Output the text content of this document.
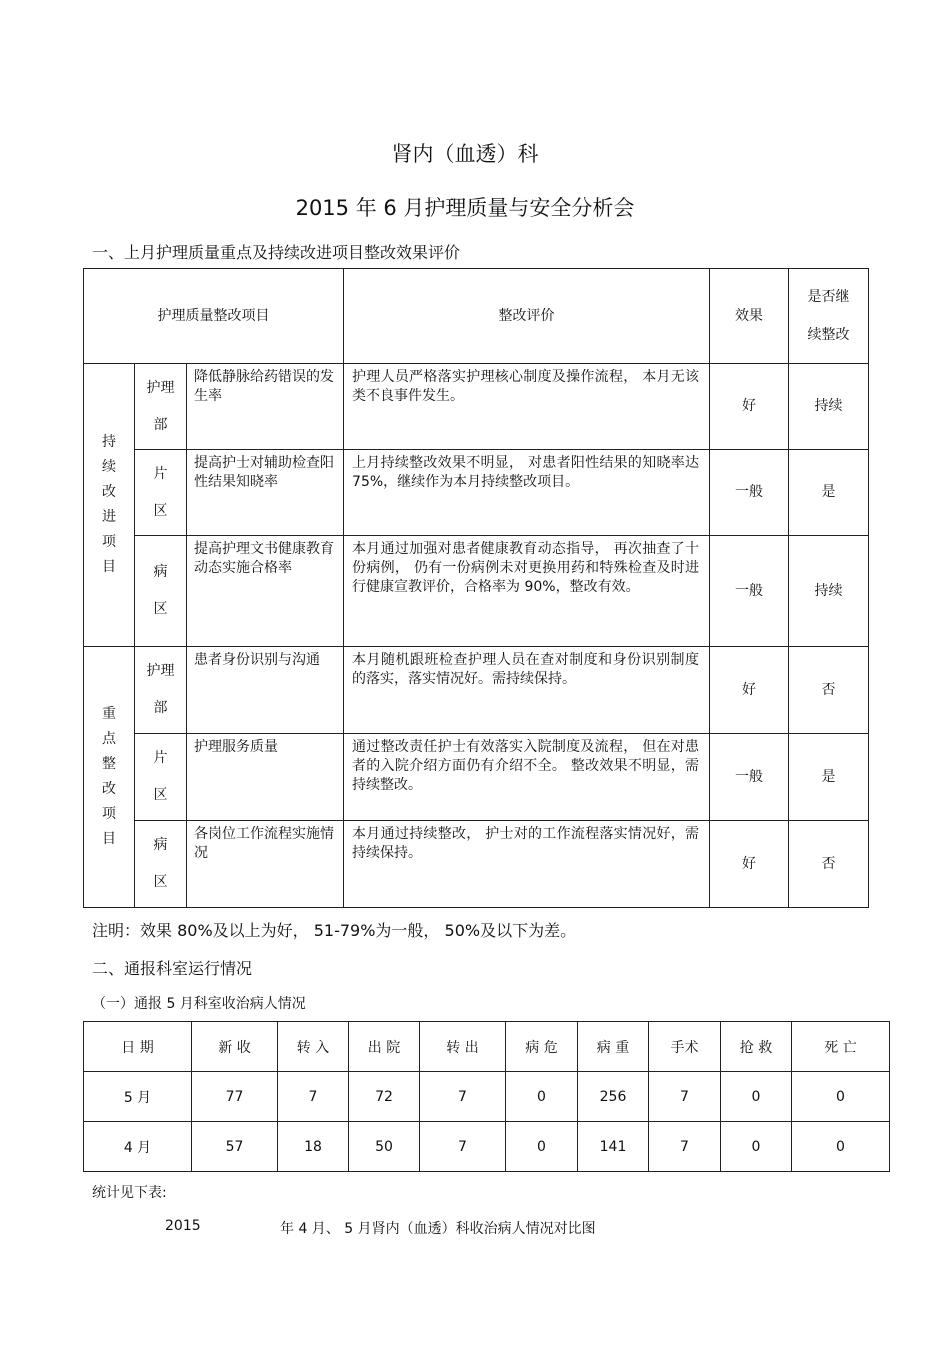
肾内（血透）科
2015 年 6 月护理质量与安全分析会
一、上月护理质量重点及持续改进项目整改效果评价
护理质量整改项目			整改评价	效果	是否继续整改

持续改进项目	护理部	降低静脉给药错误的发生率	护理人员严格落实护理核心制度及操作流程， 本月无该类不良事件发生。	好	持续

	片区	提高护士对辅助检查阳性结果知晓率	上月持续整改效果不明显， 对患者阳性结果的知晓率达 75%，继续作为本月持续整改项目。	一般	是

	病区	提高护理文书健康教育动态实施合格率	本月通过加强对患者健康教育动态指导， 再次抽查了十份病例， 仍有一份病例未对更换用药和特殊检查及时进行健康宣教评价，合格率为 90%，整改有效。	一般	持续

重点整改项目	护理部	患者身份识别与沟通	本月随机跟班检查护理人员在查对制度和身份识别制度的落实，落实情况好。需持续保持。	好	否

	片区	护理服务质量	通过整改责任护士有效落实入院制度及流程， 但在对患者的入院介绍方面仍有介绍不全。 整改效果不明显，需持续整改。	一般	是

	病区	各岗位工作流程实施情况	本月通过持续整改， 护士对的工作流程落实情况好，需持续保持。	好	否
注明：效果 80%及以上为好， 51-79%为一般， 50%及以下为差。
二、通报科室运行情况
（一）通报 5 月科室收治病人情况
日 期	新 收	转 入	出 院	转 出	病 危	病 重	手术	抢 救	死 亡
5 月	77	7	72	7	0	256	7	0	0
4 月	57	18	50	7	0	141	7	0	0
统计见下表:
2015	年 4 月、 5 月肾内（血透）科收治病人情况对比图
